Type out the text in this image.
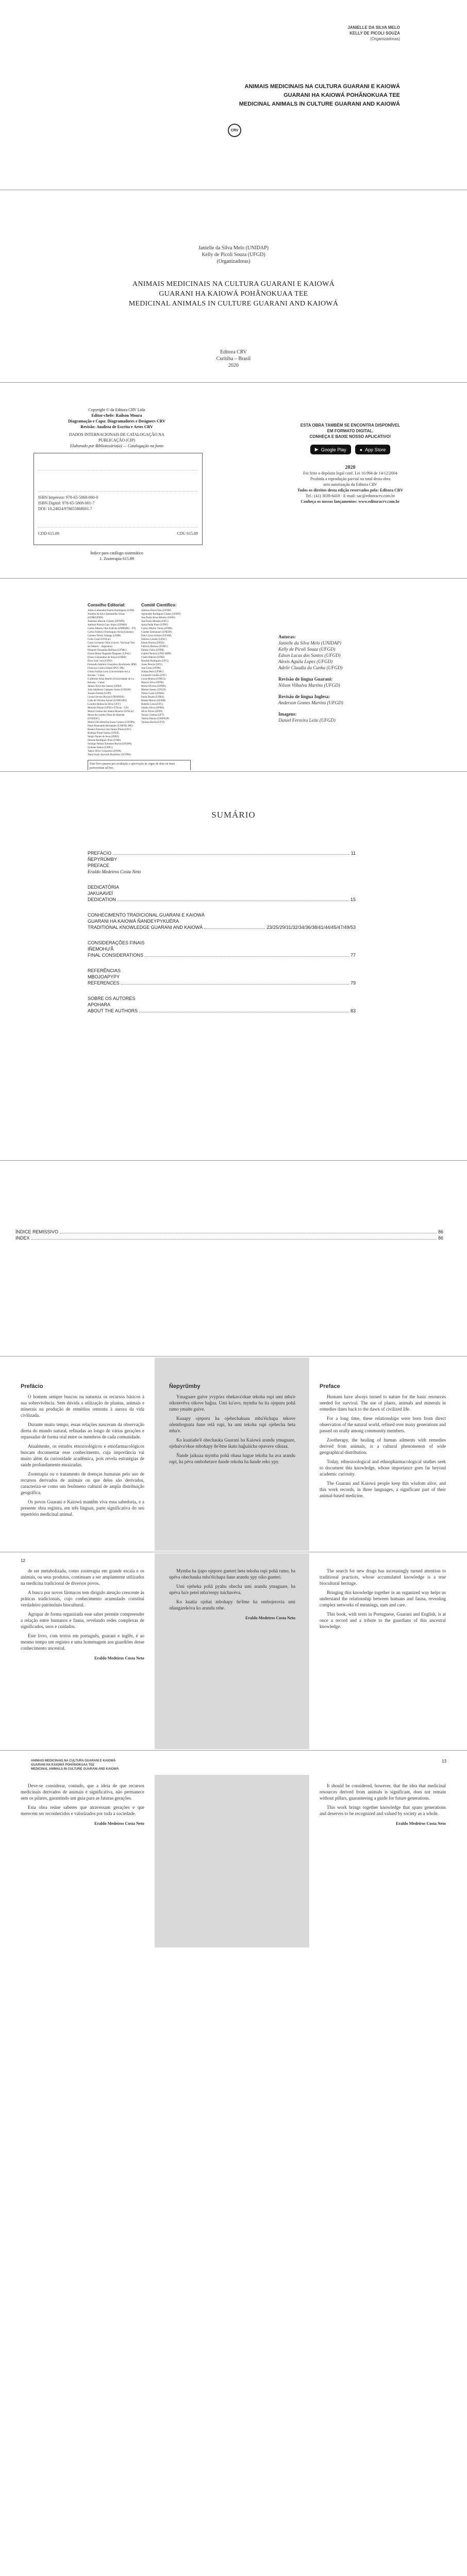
JANIELLE DA SILVA MELO
KELLY DE PICOLI SOUZA
(Organizadoras)
ANIMAIS MEDICINAIS NA CULTURA GUARANI E KAIOWÁ
GUARANI HA KAIOWÁ POHÃNOKUAA TEE
MEDICINAL ANIMALS IN CULTURE GUARANI AND KAIOWÁ
CRV
Janielle da Silva Melo (UNIDAP)
Kelly de Picoli Souza (UFGD)
(Organizadoras)
ANIMAIS MEDICINAIS NA CULTURA GUARANI E KAIOWÁ
GUARANI HA KAIOWÁ POHÃNOKUAA TEE
MEDICINAL ANIMALS IN CULTURE GUARANI AND KAIOWÁ
Editora CRV
Curitiba – Brasil
2020
Copyright © da Editora CRV Ltda
Editor-chefe: Railson Moura
Diagramação e Capa: Diagramadores e Designers CRV
Revisão: Analista de Escrita e Artes CRV
DADOS INTERNACIONAIS DE CATALOGAÇÃO NA
PUBLICAÇÃO (CIP)
Elaborado por Bibliotecário(a) — Catalogação na fonte
ISBN Impresso: 978-65-5868-000-0
ISBN Digital: 978-65-5868-001-7
DOI: 10.24824/978655868001.7
CDD 615.89	CDU 615.89
Índice para catálogo sistemático
1. Zooterapia 615.89
ESTA OBRA TAMBÉM SE ENCONTRA DISPONÍVEL
EM FORMATO DIGITAL.
CONHEÇA E BAIXE NOSSO APLICATIVO!
▶ Google Play	● App Store
2020
Foi feito o depósito legal conf. Lei 10.994 de 14/12/2004
Proibida a reprodução parcial ou total desta obra
sem autorização da Editora CRV
Todos os direitos desta edição reservados pela: Editora CRV
Tel.: (41) 3039-6418 · E-mail: sac@editoracrv.com.br
Conheça os nossos lançamentos: www.editoracrv.com.br
Conselho Editorial:
Aldira Guimarães Duarte Domínguez (UNB)
Andréia da Silva Quintanilha Sousa (UNIR/UFRN)
Anselmo Alencar Colares (UFOPA)
Antônio Pereira Gaio Júnior (UFRRJ)
Carlos Alberto Vilar Estêvão (UMINHO – PT)
Carlos Federico Dominguez Avila (Unieuro)
Carmen Tereza Velanga (UNIR)
Celso Conti (UFSCar)
Cesar Gerónimo Tello (Univer. Nacional Três de Febrero – Argentina)
Eduardo Fernandes Barbosa (UFMG)
Elione Maria Nogueira Diogenes (UFAL)
Elizeu Clementino de Souza (UNEB)
Élsio José Corá (UFFS)
Fernando Antônio Gonçalves Alcoforado (IPB)
Francisco Carlos Duarte (PUC-PR)
Gloria Fariñas León (Universidade de La Havana – Cuba)
Guillermo Arias Beatón (Universidade de La Havana – Cuba)
Jailson Alves dos Santos (UFRJ)
João Adalberto Campato Junior (UNESP)
Josania Portela (UFPI)
Leonel Severo Rocha (UNISINOS)
Lídia de Oliveira Xavier (UNIEURO)
Lourdes Helena da Silva (UFV)
Marcelo Paixão (UFRJ e UTexas – US)
Maria Cristina dos Santos Bezerra (UFSCar)
Maria de Lourdes Pinto de Almeida (UNOESC)
Maria Lília Imbiriba Sousa Colares (UFOPA)
Paulo Romualdo Hernandes (UNIFAL-MG)
Renato Francisco dos Santos Paula (UFG)
Rodrigo Pratte-Santos (UFES)
Sérgio Nunes de Jesus (IFRO)
Simone Rodrigues Pinto (UNB)
Solange Helena Ximenes-Rocha (UFOPA)
Sydione Santos (UEPG)
Tadeu Oliver Gonçalves (UFPA)
Tania Suely Azevedo Brasileiro (UFOPA)
Comitê Científico:
Adriana Flávia Neu (UFSM)
Aguinaldo Rodrigues Gomes (UFMT)
Ana Paula Alves Ribeiro (UERJ)
Ana Paula Mendes (UEG)
Anna Paula Pinto (UFPE)
Carlos Alberto Vieira (UFPR)
Clauber Emmanuel (UNESP)
Dalvi Lúcia Scherer (UFSM)
Dolores Lazzari (UFSC)
Edson Pereira (UFES)
Fabrício Barroso (FURG)
Fátima Vieira (UFPR)
Gabriel Pereira (UNICAMP)
Gisele Ribeiro (UFRJ)
Haroldo Rodrigues (UFG)
Jonas Pereira (UFU)
José Lima (UFPB)
Juliana Reis (UFMG)
Leonardo Coelho (UFF)
Lúcia Helena (UFRGS)
Marcos Silva (UFPE)
Maria Oliveira (UFMS)
Marlon Santos (UFGD)
Nilton Costa (UFMA)
Paula Duarte (UFBA)
Renata Moura (UFAM)
Roberto Lima (UFC)
Sandra Alves (UFRN)
Sílvia Torres (UFPI)
Tereza Cristina (UFT)
Valéria Ramos (UNIFESP)
Vanessa Rocha (UFJF)
Este livro passou por avaliação e aprovação às cegas de dois ou mais pareceristas ad hoc.
Autoras:
Janielle da Silva Melo (UNIDAP)
Kelly de Picoli Souza (UFGD)
Edson Lucas dos Santos (UFGD)
Alexis Aguila Lopes (UFGD)
Adelir Claudia da Cunha (UFGD)
Revisão de língua Guarani:
Nilson Vilhalva Martins (UFGD)
Revisão de língua Inglesa:
Anderson Gomes Martins (UFGD)
Imagens:
Daniel Ferreira Leite (UFGD)
SUMÁRIO
PREFÁCIO	11
ÑEPYRÜMBY
PREFACE
Eraldo Medeiros Costa Neto
DEDICATÓRIA
JAKUAAVEÍ
DEDICATION	15
CONHECIMENTO TRADICIONAL GUARANI E KAIOWÁ
GUARANI HA KAIOWÁ ÑANDEYPYKUÉRA
TRADITIONAL KNOWLEDGE GUARANI AND KAIOWÁ	23/25/29/31/32/34/36/38/41/44/45/47/49/53
CONSIDERAÇÕES FINAIS
IÑEMOHU'Ã
FINAL CONSIDERATIONS	77
REFERÊNCIAS
MBOJOAPYPY
REFERENCES	79
SOBRE OS AUTORES
APOHARA
ABOUT THE AUTHORS	83
ÍNDICE REMISSIVO	86
INDEX	86
Prefácio

O homem sempre buscou na natureza os recursos básicos à sua sobrevivência. Sem dúvida a utilização de plantas, animais e minerais na produção de remédios remonta à aurora da vida civilizada.

Durante muito tempo, essas relações nasceram da observação direta do mundo natural, refinadas ao longo de várias gerações e repassadas de forma oral entre os membros de cada comunidade.

Atualmente, os estudos etnozoológicos e etnofarmacológicos buscam documentar esse conhecimento, cuja importância vai muito além da curiosidade acadêmica, pois revela estratégias de saúde profundamente enraizadas.

Zooterapia ou o tratamento de doenças humanas pelo uso de recursos derivados de animais ou que deles são derivados, caracteriza-se como um fenômeno cultural de ampla distribuição geográfica.

Os povos Guarani e Kaiowá mantêm viva essa sabedoria, e a presente obra registra, em três línguas, parte significativa do seu repertório medicinal animal.

Ñepyrũmby

Ymaguare guive yvypóra ohekava'ekue tekoha rupi umi mba'e oikotevẽva oikove hag̃ua. Umi ka'avo, mymba ha ita ojepuru pohã ramo ymaite guive.

Kuaapy ojeporu ha ojehechakuaa mba'éichapa tekove oñemboguata ñane retã rupi, ha umi tekoha rupi ojehecha heta mba'e.

Ko kuatiañe'ẽ ohechauka Guarani ha Kaiowá arandu ymaguare, ojehaiva'ekue mbohapy ñe'ẽme ikatu hag̃uáicha opavave oikuaa.

Ñande jaikuaa mymba pohã ohasa hague tekoha ha ava arandu rupi, ha péva ombohetave ñande rekoha ha ñande reko ypy.

Preface

Humans have always turned to nature for the basic resources needed for survival. The use of plants, animals and minerals in remedies dates back to the dawn of civilized life.

For a long time, these relationships were born from direct observation of the natural world, refined over many generations and passed on orally among community members.

Zootherapy, the healing of human ailments with remedies derived from animals, is a cultural phenomenon of wide geographical distribution.

Today, ethnozoological and ethnopharmacological studies seek to document this knowledge, whose importance goes far beyond academic curiosity.

The Guarani and Kaiowá people keep this wisdom alive, and this work records, in three languages, a significant part of their animal-based medicine.

12

de ser metabolizada, como zooterapia em grande escala e os animais, ou seus produtos, continuam a ser amplamente utilizados na medicina tradicional de diversos povos.

A busca por novos fármacos tem dirigido atenção crescente às práticas tradicionais, cujo conhecimento acumulado constitui verdadeiro patrimônio biocultural.

Agrupar de forma organizada esse saber permite compreender a relação entre humanos e fauna, revelando redes complexas de significados, usos e cuidados.

Este livro, com textos em português, guarani e inglês, é ao mesmo tempo um registro e uma homenagem aos guardiões desse conhecimento ancestral.

Eraldo Medeiros Costa Neto

Mymba ha ijapo ojeporu gueteri heta tekoha rupi pohã ramo, ha upéva ohechauka mba'éichapa ñane arandu ypy oiko gueteri.

Umi ojeheka pohã pyahu ohecha umi arandu ymaguare, ha upéva ha'e peteĩ mba'erepy tuichavéva.

Ko kuatia ojehai mbohapy ñe'ẽme ha ombojerovia umi oñangarekóva ko arandu rehe.

Eraldo Medeiros Costa Neto

The search for new drugs has increasingly turned attention to traditional practices, whose accumulated knowledge is a true biocultural heritage.

Bringing this knowledge together in an organized way helps us understand the relationship between humans and fauna, revealing complex networks of meanings, uses and care.

This book, with texts in Portuguese, Guarani and English, is at once a record and a tribute to the guardians of this ancestral knowledge.

ANIMAIS MEDICINAIS NA CULTURA GUARANI E KAIOWÁ
GUARANI HA KAIOWÁ POHÃNOKUAA TEE
MEDICINAL ANIMALS IN CULTURE GUARANI AND KAIOWÁ
13

Deve-se considerar, contudo, que a ideia de que recursos medicinais derivados de animais é significativa, não permanece sem os pilares, garantindo um guia para as futuras gerações.

Esta obra reúne saberes que atravessam gerações e que merecem ser reconhecidos e valorizados por toda a sociedade.

Eraldo Medeiros Costa Neto

It should be considered, however, that the idea that medicinal resources derived from animals is significant, does not remain without pillars, guaranteeing a guide for future generations.

This work brings together knowledge that spans generations and deserves to be recognized and valued by society as a whole.

Eraldo Medeiros Costa Neto
